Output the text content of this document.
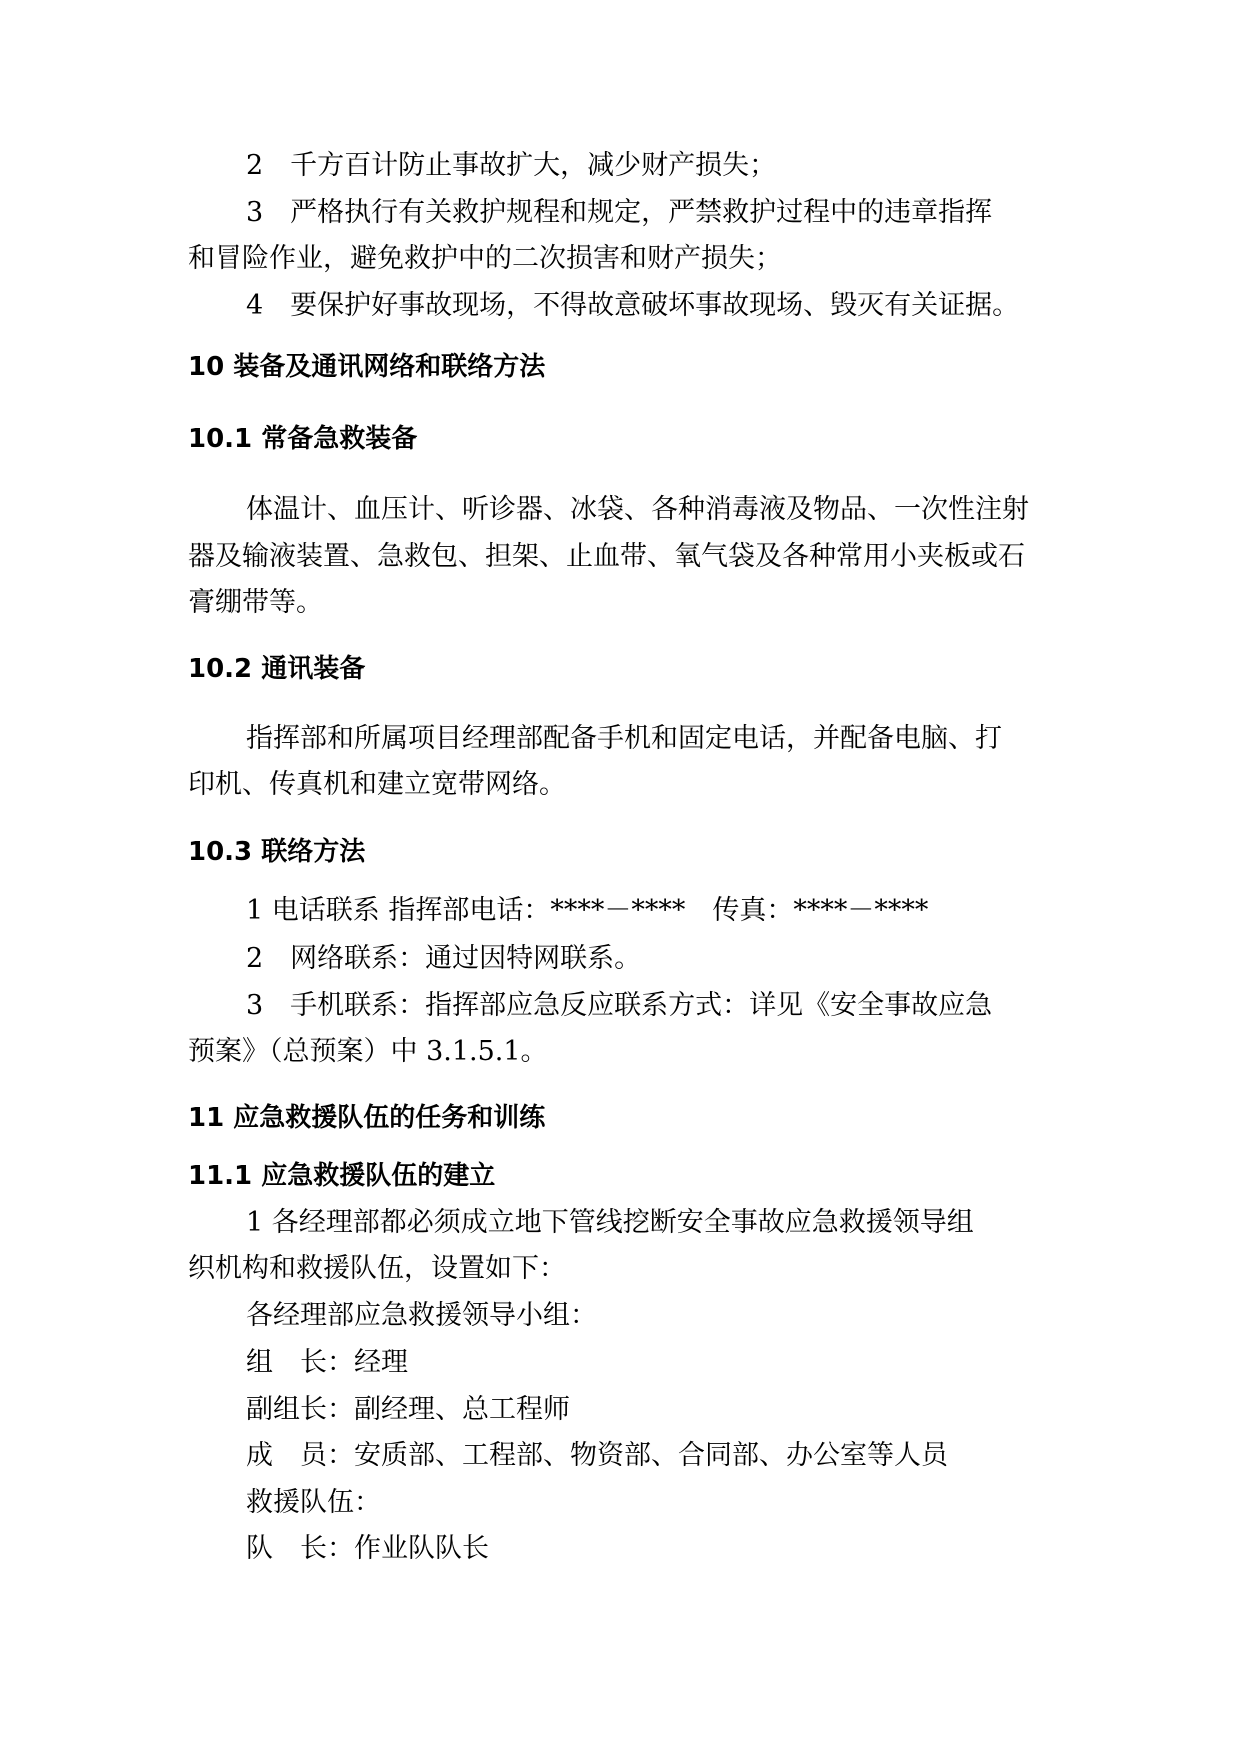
2　千方百计防止事故扩大，减少财产损失；

3　严格执行有关救护规程和规定，严禁救护过程中的违章指挥

和冒险作业，避免救护中的二次损害和财产损失；

4　要保护好事故现场，不得故意破坏事故现场、毁灭有关证据。

10 装备及通讯网络和联络方法
10.1 常备急救装备

体温计、血压计、听诊器、冰袋、各种消毒液及物品、一次性注射

器及输液装置、急救包、担架、止血带、氧气袋及各种常用小夹板或石

膏绷带等。

10.2 通讯装备

指挥部和所属项目经理部配备手机和固定电话，并配备电脑、打

印机、传真机和建立宽带网络。

10.3 联络方法

1 电话联系 指挥部电话：****－****　传真：****－****

2　网络联系：通过因特网联系。

3　手机联系：指挥部应急反应联系方式：详见《安全事故应急

预案》（总预案）中 3.1.5.1。

11 应急救援队伍的任务和训练
11.1 应急救援队伍的建立

1 各经理部都必须成立地下管线挖断安全事故应急救援领导组

织机构和救援队伍，设置如下：

各经理部应急救援领导小组：

组　长：经理

副组长：副经理、总工程师

成　员：安质部、工程部、物资部、合同部、办公室等人员

救援队伍：

队　长：作业队队长
